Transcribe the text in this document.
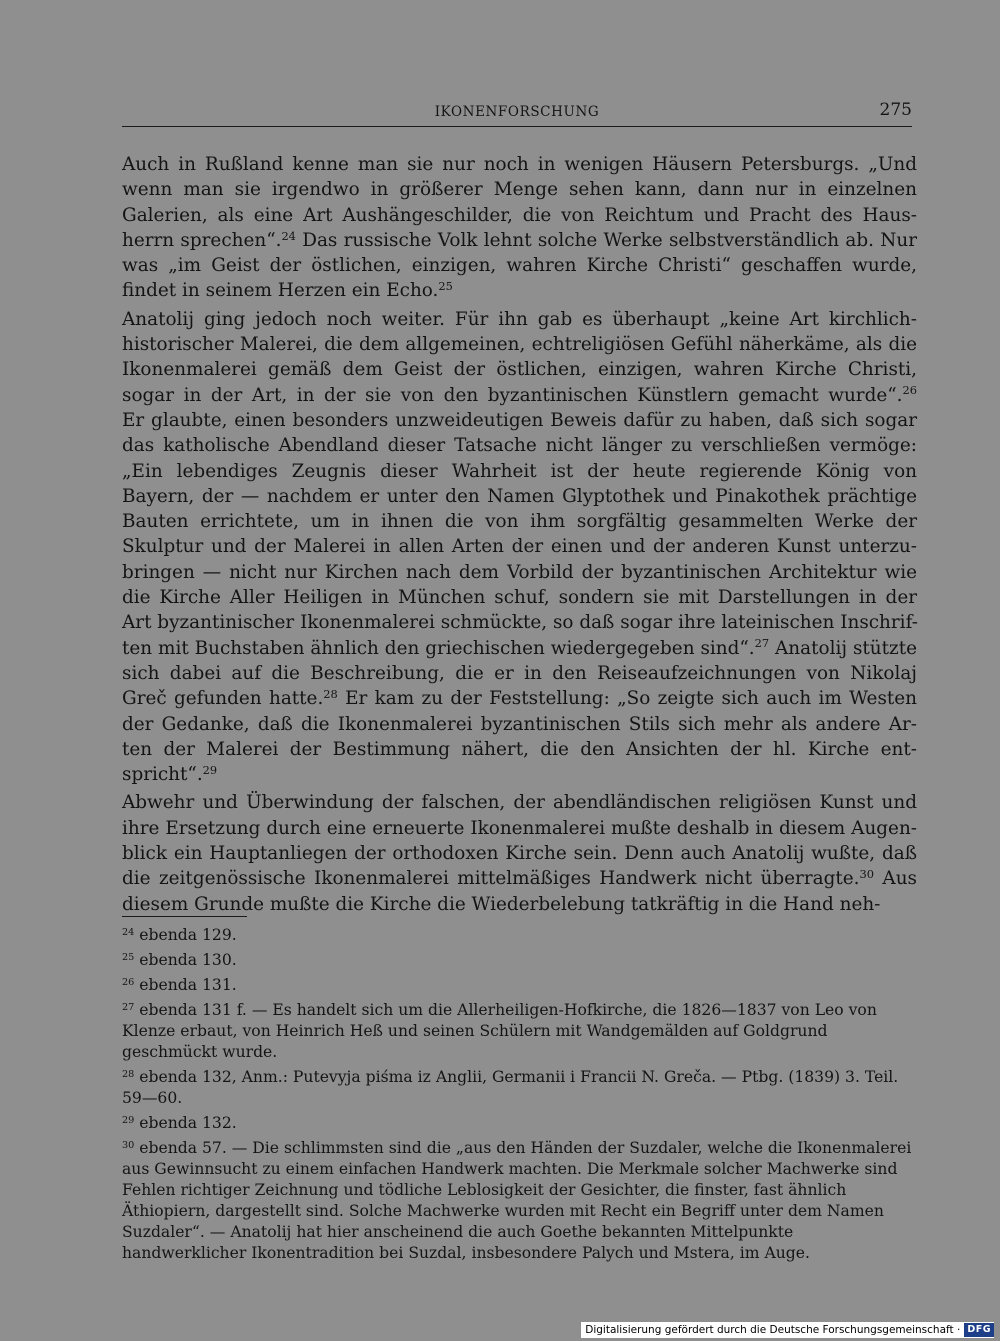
IKONENFORSCHUNG	275
Auch in Rußland kenne man sie nur noch in wenigen Häusern Petersburgs. „Und
wenn man sie irgendwo in größerer Menge sehen kann, dann nur in einzelnen
Galerien, als eine Art Aushängeschilder, die von Reichtum und Pracht des Haus-
herrn sprechen“.$^{24}$ Das russische Volk lehnt solche Werke selbstverständlich ab. Nur
was „im Geist der östlichen, einzigen, wahren Kirche Christi“ geschaffen wurde,
findet in seinem Herzen ein Echo.$^{25}$
Anatolij ging jedoch noch weiter. Für ihn gab es überhaupt „keine Art kirchlich-
historischer Malerei, die dem allgemeinen, echtreligiösen Gefühl näherkäme, als die
Ikonenmalerei gemäß dem Geist der östlichen, einzigen, wahren Kirche Christi,
sogar in der Art, in der sie von den byzantinischen Künstlern gemacht wurde“.$^{26}$
Er glaubte, einen besonders unzweideutigen Beweis dafür zu haben, daß sich sogar
das katholische Abendland dieser Tatsache nicht länger zu verschließen vermöge:
„Ein lebendiges Zeugnis dieser Wahrheit ist der heute regierende König von
Bayern, der — nachdem er unter den Namen Glyptothek und Pinakothek prächtige
Bauten errichtete, um in ihnen die von ihm sorgfältig gesammelten Werke der
Skulptur und der Malerei in allen Arten der einen und der anderen Kunst unterzu-
bringen — nicht nur Kirchen nach dem Vorbild der byzantinischen Architektur wie
die Kirche Aller Heiligen in München schuf, sondern sie mit Darstellungen in der
Art byzantinischer Ikonenmalerei schmückte, so daß sogar ihre lateinischen Inschrif-
ten mit Buchstaben ähnlich den griechischen wiedergegeben sind“.$^{27}$ Anatolij stützte
sich dabei auf die Beschreibung, die er in den Reiseaufzeichnungen von Nikolaj
Greč gefunden hatte.$^{28}$ Er kam zu der Feststellung: „So zeigte sich auch im Westen
der Gedanke, daß die Ikonenmalerei byzantinischen Stils sich mehr als andere Ar-
ten der Malerei der Bestimmung nähert, die den Ansichten der hl. Kirche ent-
spricht“.$^{29}$
Abwehr und Überwindung der falschen, der abendländischen religiösen Kunst und
ihre Ersetzung durch eine erneuerte Ikonenmalerei mußte deshalb in diesem Augen-
blick ein Hauptanliegen der orthodoxen Kirche sein. Denn auch Anatolij wußte, daß
die zeitgenössische Ikonenmalerei mittelmäßiges Handwerk nicht überragte.$^{30}$ Aus
diesem Grunde mußte die Kirche die Wiederbelebung tatkräftig in die Hand neh-
$^{24}$ ebenda 129.
$^{25}$ ebenda 130.
$^{26}$ ebenda 131.
$^{27}$ ebenda 131 f. — Es handelt sich um die Allerheiligen-Hofkirche, die 1826—1837 von Leo von Klenze erbaut, von Heinrich Heß und seinen Schülern mit Wandgemälden auf Goldgrund geschmückt wurde.
$^{28}$ ebenda 132, Anm.: Putevyja piśma iz Anglii, Germanii i Francii N. Greča. — Ptbg. (1839) 3. Teil. 59—60.
$^{29}$ ebenda 132.
$^{30}$ ebenda 57. — Die schlimmsten sind die „aus den Händen der Suzdaler, welche die Ikonenmalerei aus Gewinnsucht zu einem einfachen Handwerk machten. Die Merkmale solcher Machwerke sind Fehlen richtiger Zeichnung und tödliche Leblosigkeit der Gesichter, die finster, fast ähnlich Äthiopiern, dargestellt sind. Solche Machwerke wurden mit Recht ein Begriff unter dem Namen Suzdaler“. — Anatolij hat hier anscheinend die auch Goethe bekannten Mittelpunkte handwerklicher Ikonentradition bei Suzdal, insbesondere Palych und Mstera, im Auge.
Digitalisierung gefördert durch die Deutsche Forschungsgemeinschaft · DFG
